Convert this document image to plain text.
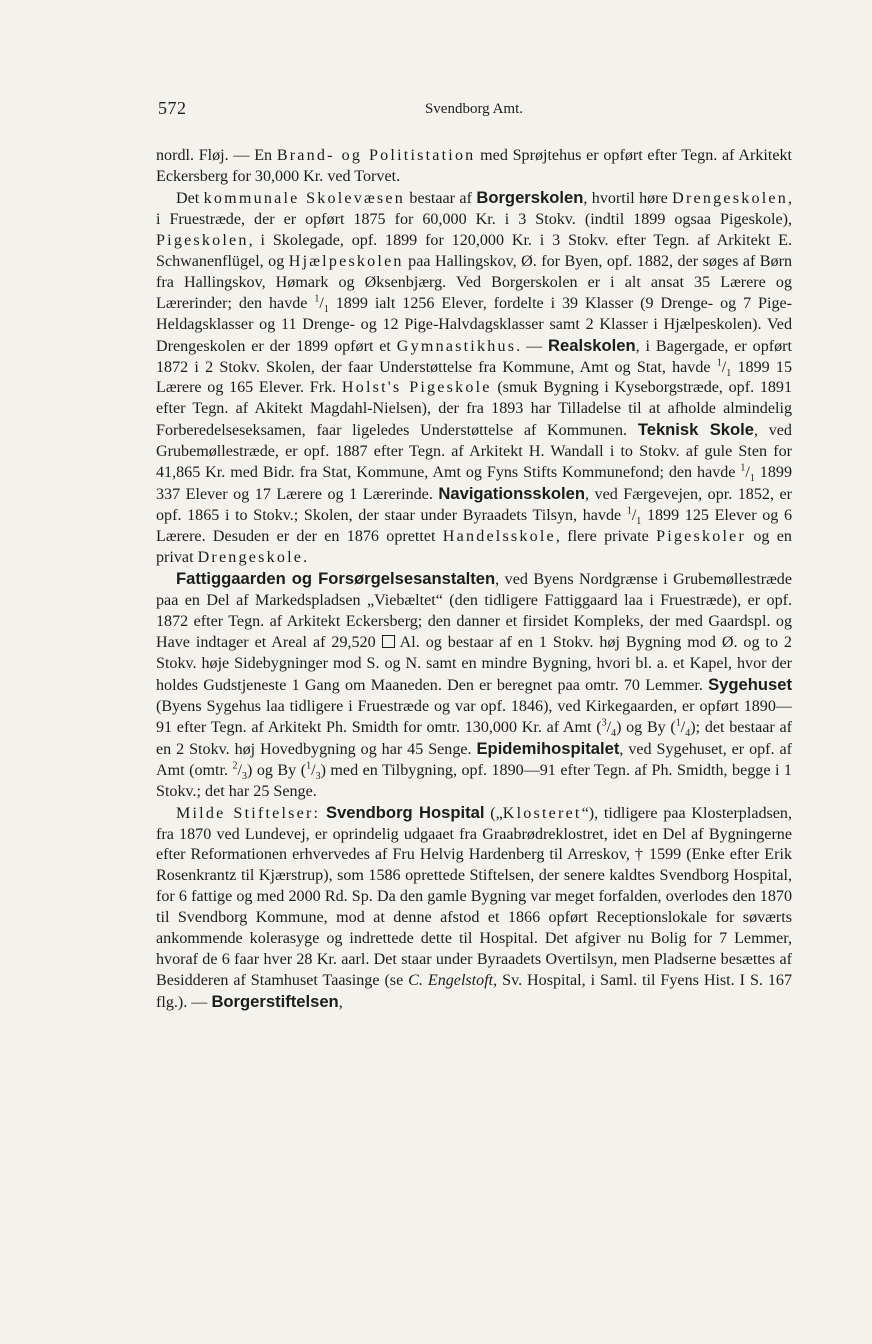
572	Svendborg Amt.

nordl. Fløj. — En Brand- og Politistation med Sprøjtehus er opført efter Tegn. af Arkitekt Eckersberg for 30,000 Kr. ved Torvet.

Det kommunale Skolevæsen bestaar af Borgerskolen, hvortil høre Drengeskolen, i Fruestræde, der er opført 1875 for 60,000 Kr. i 3 Stokv. (indtil 1899 ogsaa Pigeskole), Pigeskolen, i Skolegade, opf. 1899 for 120,000 Kr. i 3 Stokv. efter Tegn. af Arkitekt E. Schwanenflügel, og Hjælpeskolen paa Hallingskov, Ø. for Byen, opf. 1882, der søges af Børn fra Hallingskov, Hømark og Øksenbjærg. Ved Borgerskolen er i alt ansat 35 Lærere og Lærerinder; den havde $^1/_1$ 1899 ialt 1256 Elever, fordelte i 39 Klasser (9 Drenge- og 7 Pige-Heldagsklasser og 11 Drenge- og 12 Pige-Halvdagsklasser samt 2 Klasser i Hjælpeskolen). Ved Drengeskolen er der 1899 opført et Gymnastikhus. — Realskolen, i Bagergade, er opført 1872 i 2 Stokv. Skolen, der faar Understøttelse fra Kommune, Amt og Stat, havde $^1/_1$ 1899 15 Lærere og 165 Elever. Frk. Holst's Pigeskole (smuk Bygning i Kyseborgstræde, opf. 1891 efter Tegn. af Akitekt Magdahl-Nielsen), der fra 1893 har Tilladelse til at afholde almindelig Forberedelseseksamen, faar ligeledes Understøttelse af Kommunen. Teknisk Skole, ved Grubemøllestræde, er opf. 1887 efter Tegn. af Arkitekt H. Wandall i to Stokv. af gule Sten for 41,865 Kr. med Bidr. fra Stat, Kommune, Amt og Fyns Stifts Kommunefond; den havde $^1/_1$ 1899 337 Elever og 17 Lærere og 1 Lærerinde. Navigationsskolen, ved Færgevejen, opr. 1852, er opf. 1865 i to Stokv.; Skolen, der staar under Byraadets Tilsyn, havde $^1/_1$ 1899 125 Elever og 6 Lærere. Desuden er der en 1876 oprettet Handelsskole, flere private Pigeskoler og en privat Drengeskole.

Fattiggaarden og Forsørgelsesanstalten, ved Byens Nordgrænse i Grubemøllestræde paa en Del af Markedspladsen „Viebæltet“ (den tidligere Fattiggaard laa i Fruestræde), er opf. 1872 efter Tegn. af Arkitekt Eckersberg; den danner et firsidet Kompleks, der med Gaardspl. og Have indtager et Areal af 29,520  Al. og bestaar af en 1 Stokv. høj Bygning mod Ø. og to 2 Stokv. høje Sidebygninger mod S. og N. samt en mindre Bygning, hvori bl. a. et Kapel, hvor der holdes Gudstjeneste 1 Gang om Maaneden. Den er beregnet paa omtr. 70 Lemmer. Sygehuset (Byens Sygehus laa tidligere i Fruestræde og var opf. 1846), ved Kirkegaarden, er opført 1890—91 efter Tegn. af Arkitekt Ph. Smidth for omtr. 130,000 Kr. af Amt $(^3/_4)$ og By $(^1/_4)$; det bestaar af en 2 Stokv. høj Hovedbygning og har 45 Senge. Epidemihospitalet, ved Sygehuset, er opf. af Amt (omtr. $^2/_3$) og By $(^1/_3)$ med en Tilbygning, opf. 1890—91 efter Tegn. af Ph. Smidth, begge i 1 Stokv.; det har 25 Senge.

Milde Stiftelser: Svendborg Hospital („Klosteret“), tidligere paa Klosterpladsen, fra 1870 ved Lundevej, er oprindelig udgaaet fra Graabrødreklostret, idet en Del af Bygningerne efter Reformationen erhvervedes af Fru Helvig Hardenberg til Arreskov, † 1599 (Enke efter Erik Rosenkrantz til Kjærstrup), som 1586 oprettede Stiftelsen, der senere kaldtes Svendborg Hospital, for 6 fattige og med 2000 Rd. Sp. Da den gamle Bygning var meget forfalden, overlodes den 1870 til Svendborg Kommune, mod at denne afstod et 1866 opført Receptionslokale for søværts ankommende kolerasyge og indrettede dette til Hospital. Det afgiver nu Bolig for 7 Lemmer, hvoraf de 6 faar hver 28 Kr. aarl. Det staar under Byraadets Overtilsyn, men Pladserne besættes af Besidderen af Stamhuset Taasinge (se C. Engelstoft, Sv. Hospital, i Saml. til Fyens Hist. I S. 167 flg.). — Borgerstiftelsen,
